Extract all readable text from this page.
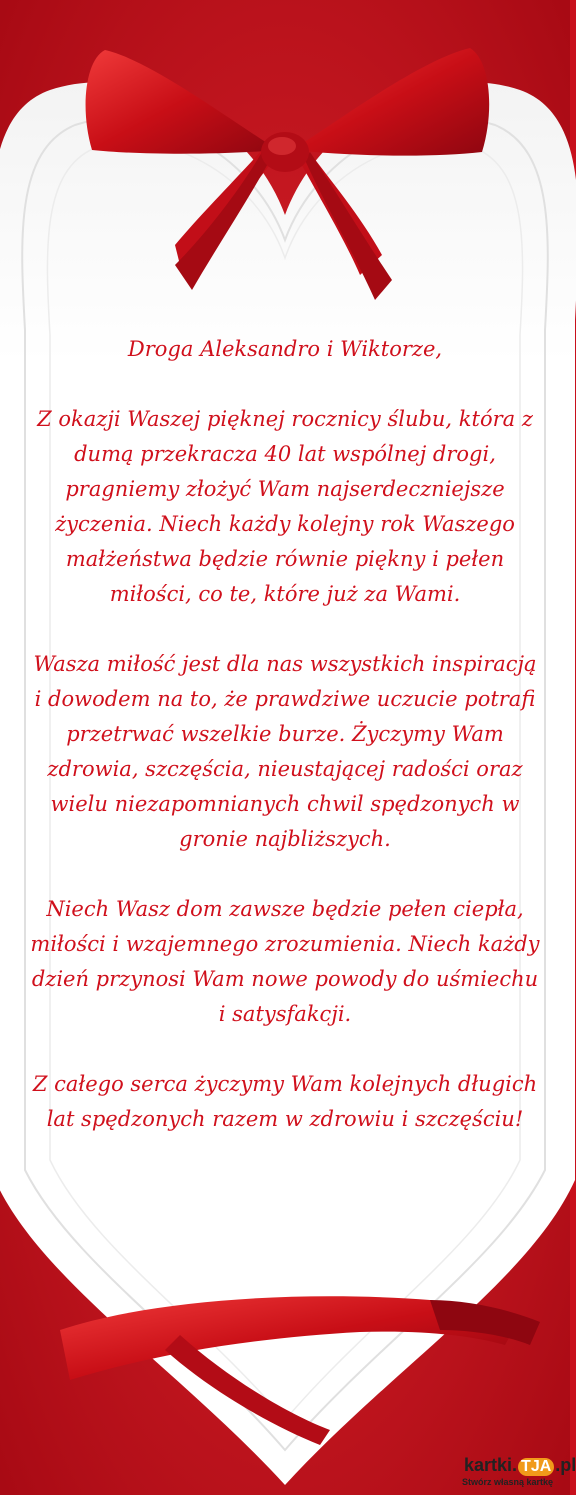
Droga Aleksandro i Wiktorze,

Z okazji Waszej pięknej rocznicy ślubu, która z dumą przekracza 40 lat wspólnej drogi, pragniemy złożyć Wam najserdeczniejsze życzenia. Niech każdy kolejny rok Waszego małżeństwa będzie równie piękny i pełen miłości, co te, które już za Wami.

Wasza miłość jest dla nas wszystkich inspiracją i dowodem na to, że prawdziwe uczucie potrafi przetrwać wszelkie burze. Życzymy Wam zdrowia, szczęścia, nieustającej radości oraz wielu niezapomnianych chwil spędzonych w gronie najbliższych.

Niech Wasz dom zawsze będzie pełen ciepła, miłości i wzajemnego zrozumienia. Niech każdy dzień przynosi Wam nowe powody do uśmiechu i satysfakcji.

Z całego serca życzymy Wam kolejnych długich lat spędzonych razem w zdrowiu i szczęściu!

kartki. TJA .pl
Stwórz własną kartkę
